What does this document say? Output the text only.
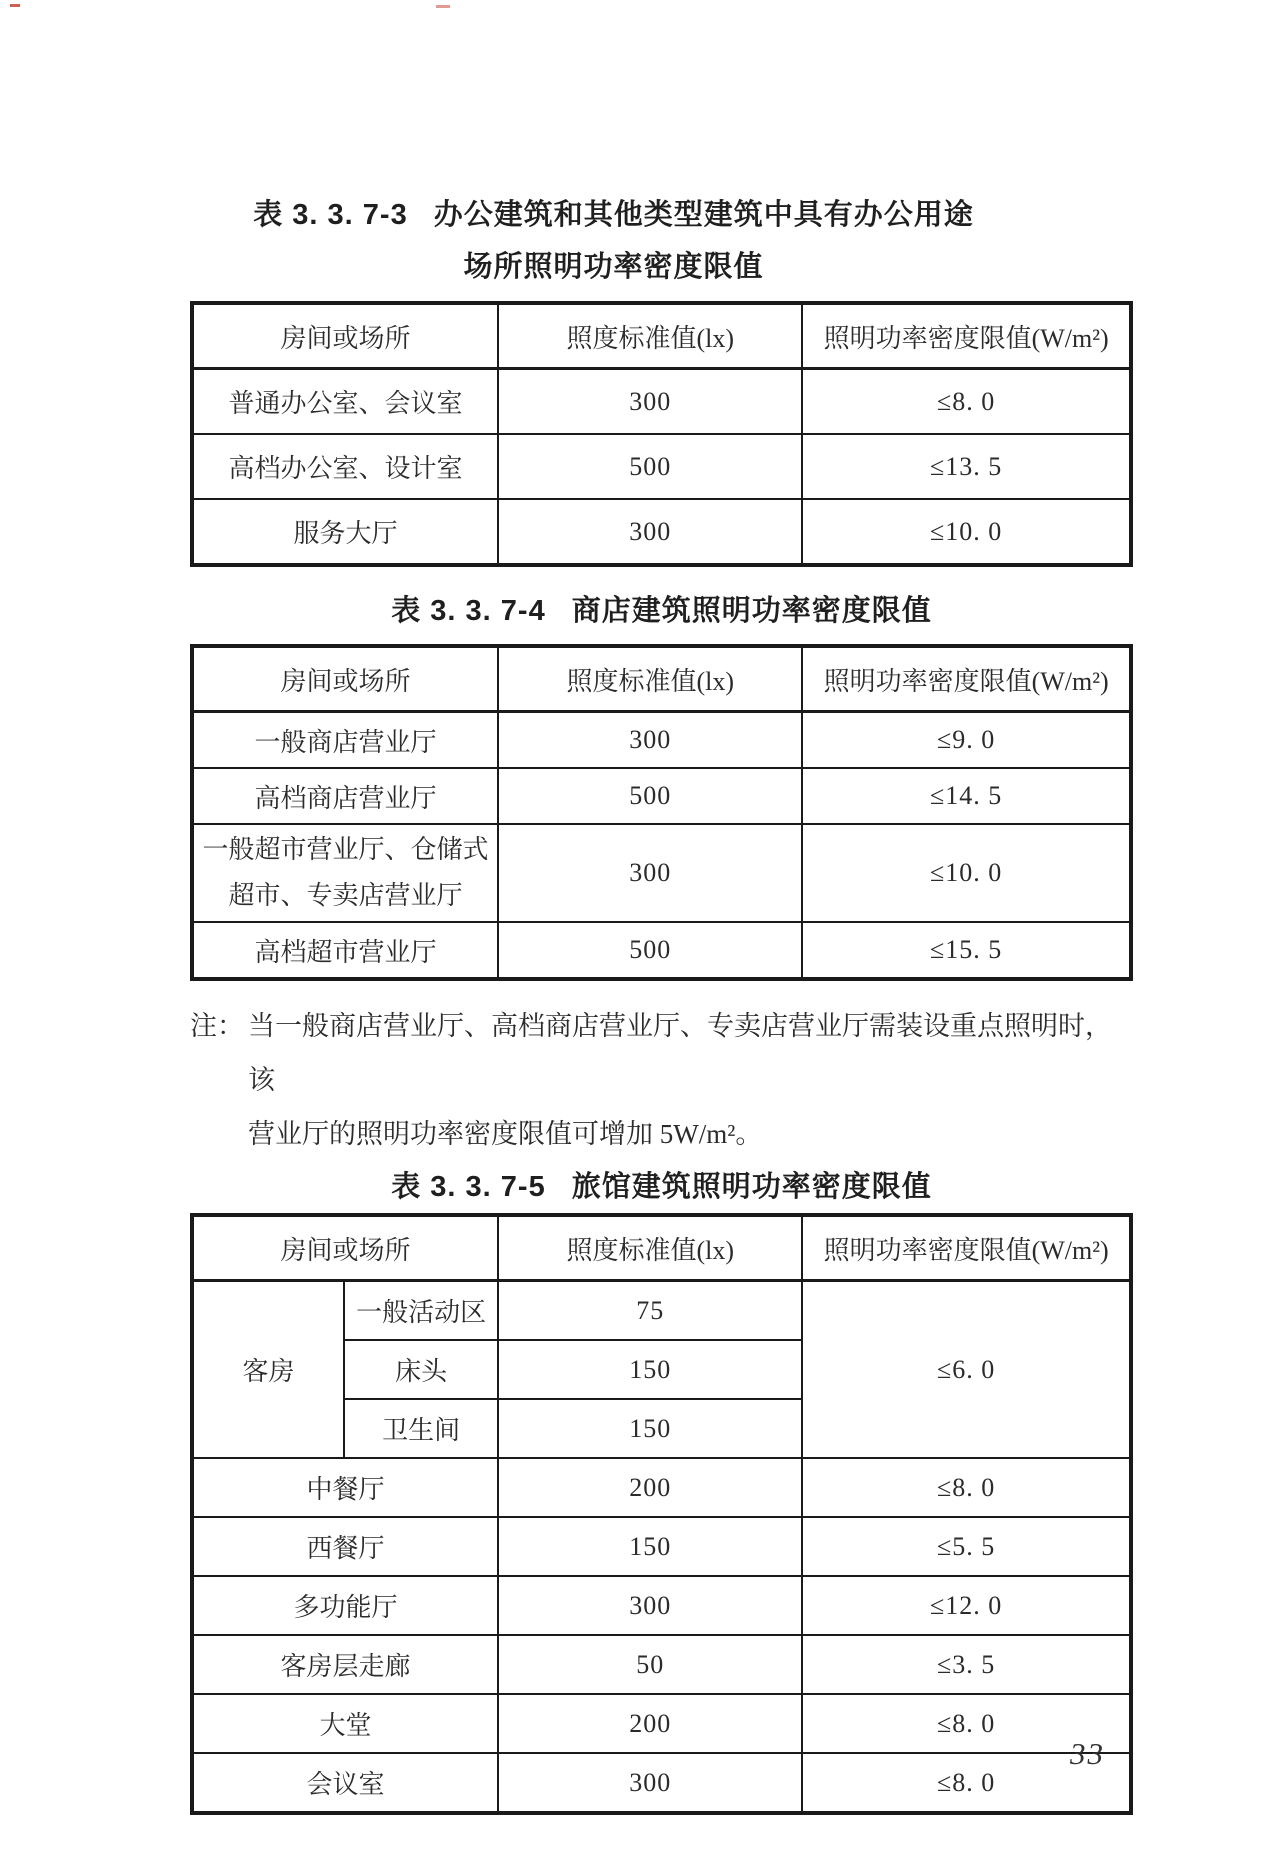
表 3. 3. 7-3 办公建筑和其他类型建筑中具有办公用途
场所照明功率密度限值
房间或场所	照度标准值(lx)	照明功率密度限值(W/m²)
普通办公室、会议室	300	≤8. 0
高档办公室、设计室	500	≤13. 5
服务大厅	300	≤10. 0
表 3. 3. 7-4 商店建筑照明功率密度限值
房间或场所	照度标准值(lx)	照明功率密度限值(W/m²)
一般商店营业厅	300	≤9. 0
高档商店营业厅	500	≤14. 5
一般超市营业厅、仓储式超市、专卖店营业厅	300	≤10. 0
高档超市营业厅	500	≤15. 5
注： 当一般商店营业厅、高档商店营业厅、专卖店营业厅需装设重点照明时，该
营业厅的照明功率密度限值可增加 5W/m²。
表 3. 3. 7-5 旅馆建筑照明功率密度限值
房间或场所		照度标准值(lx)	照明功率密度限值(W/m²)
客房	一般活动区	75	≤6. 0
	床头	150	
	卫生间	150	
中餐厅		200	≤8. 0
西餐厅		150	≤5. 5
多功能厅		300	≤12. 0
客房层走廊		50	≤3. 5
大堂		200	≤8. 0
会议室		300	≤8. 0
33
